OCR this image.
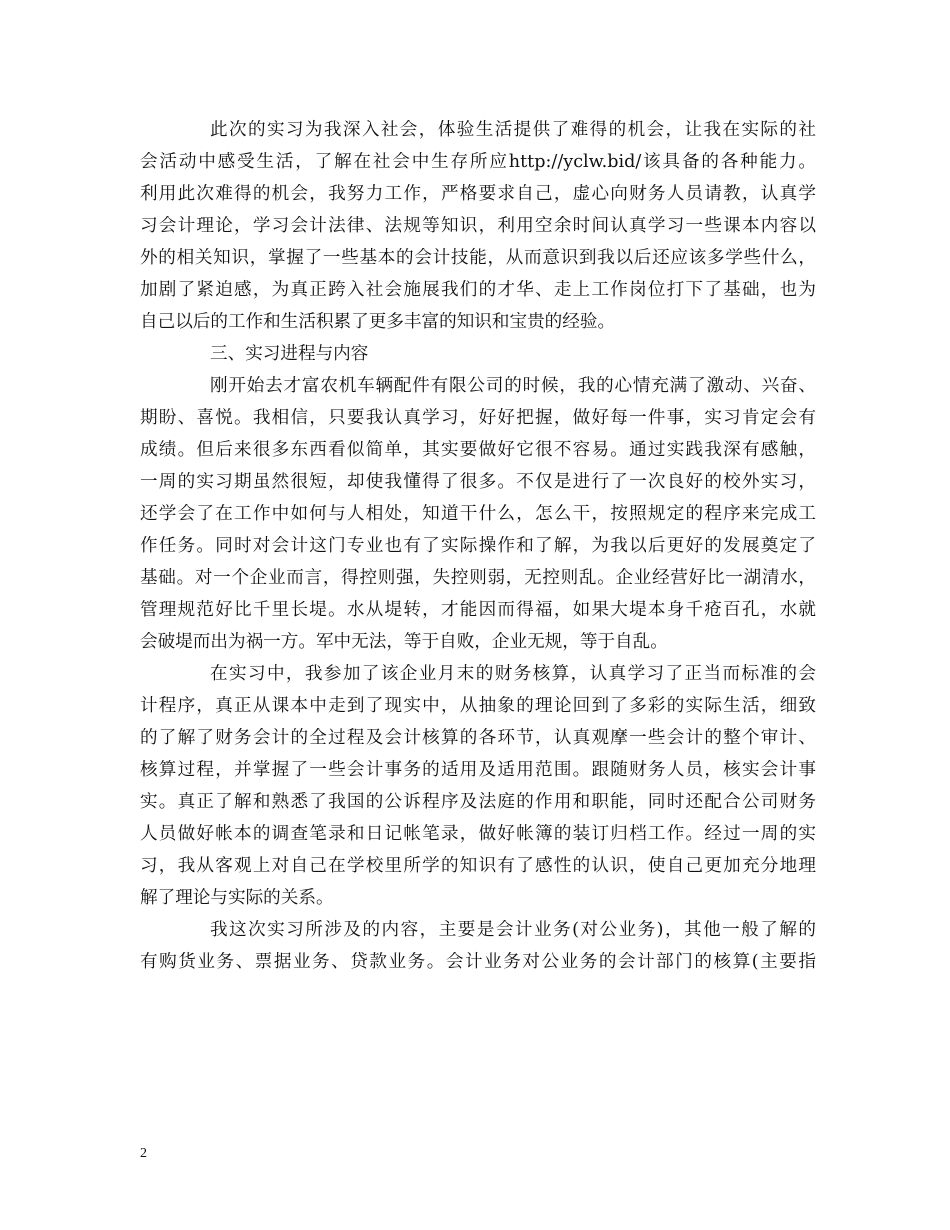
此次的实习为我深入社会，体验生活提供了难得的机会，让我在实际的社
会活动中感受生活，了解在社会中生存所应http://yclw.bid/该具备的各种能力。
利用此次难得的机会，我努力工作，严格要求自己，虚心向财务人员请教，认真学
习会计理论，学习会计法律、法规等知识，利用空余时间认真学习一些课本内容以
外的相关知识，掌握了一些基本的会计技能，从而意识到我以后还应该多学些什么，
加剧了紧迫感，为真正跨入社会施展我们的才华、走上工作岗位打下了基础，也为
自己以后的工作和生活积累了更多丰富的知识和宝贵的经验。
三、实习进程与内容
刚开始去才富农机车辆配件有限公司的时候，我的心情充满了激动、兴奋、
期盼、喜悦。我相信，只要我认真学习，好好把握，做好每一件事，实习肯定会有
成绩。但后来很多东西看似简单，其实要做好它很不容易。通过实践我深有感触，
一周的实习期虽然很短，却使我懂得了很多。不仅是进行了一次良好的校外实习，
还学会了在工作中如何与人相处，知道干什么，怎么干，按照规定的程序来完成工
作任务。同时对会计这门专业也有了实际操作和了解，为我以后更好的发展奠定了
基础。对一个企业而言，得控则强，失控则弱，无控则乱。企业经营好比一湖清水，
管理规范好比千里长堤。水从堤转，才能因而得福，如果大堤本身千疮百孔，水就
会破堤而出为祸一方。军中无法，等于自败，企业无规，等于自乱。
在实习中，我参加了该企业月末的财务核算，认真学习了正当而标准的会
计程序，真正从课本中走到了现实中，从抽象的理论回到了多彩的实际生活，细致
的了解了财务会计的全过程及会计核算的各环节，认真观摩一些会计的整个审计、
核算过程，并掌握了一些会计事务的适用及适用范围。跟随财务人员，核实会计事
实。真正了解和熟悉了我国的公诉程序及法庭的作用和职能，同时还配合公司财务
人员做好帐本的调查笔录和日记帐笔录，做好帐簿的装订归档工作。经过一周的实
习，我从客观上对自己在学校里所学的知识有了感性的认识，使自己更加充分地理
解了理论与实际的关系。
我这次实习所涉及的内容，主要是会计业务(对公业务)，其他一般了解的
有购货业务、票据业务、贷款业务。会计业务对公业务的会计部门的核算(主要指
2
